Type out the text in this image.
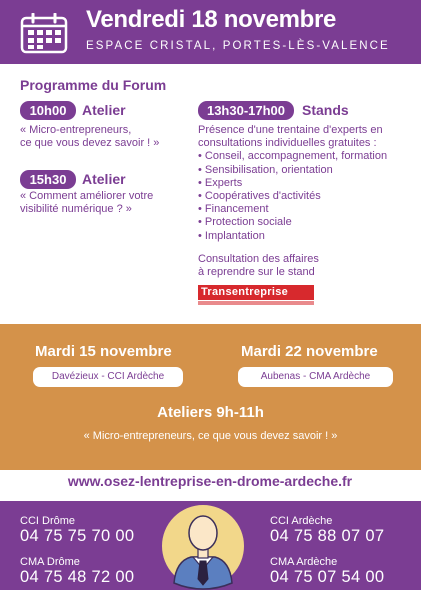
Vendredi 18 novembre
ESPACE CRISTAL, PORTES-LÈS-VALENCE
Programme du Forum
10h00	Atelier
« Micro-entrepreneurs,
ce que vous devez savoir ! »
15h30	Atelier
« Comment améliorer votre
visibilité numérique ? »
13h30-17h00	Stands
Présence d'une trentaine d'experts en
consultations individuelles gratuites :
• Conseil, accompagnement, formation
• Sensibilisation, orientation
• Experts
• Coopératives d'activités
• Financement
• Protection sociale
• Implantation
Consultation des affaires
à reprendre sur le stand
Transentreprise
Mardi 15 novembre
Davézieux - CCI Ardèche
Mardi 22 novembre
Aubenas - CMA Ardèche
Ateliers 9h-11h
« Micro-entrepreneurs, ce que vous devez savoir ! »
www.osez-lentreprise-en-drome-ardeche.fr
CCI Drôme
04 75 75 70 00
CMA Drôme
04 75 48 72 00
CCI Ardèche
04 75 88 07 07
CMA Ardèche
04 75 07 54 00
